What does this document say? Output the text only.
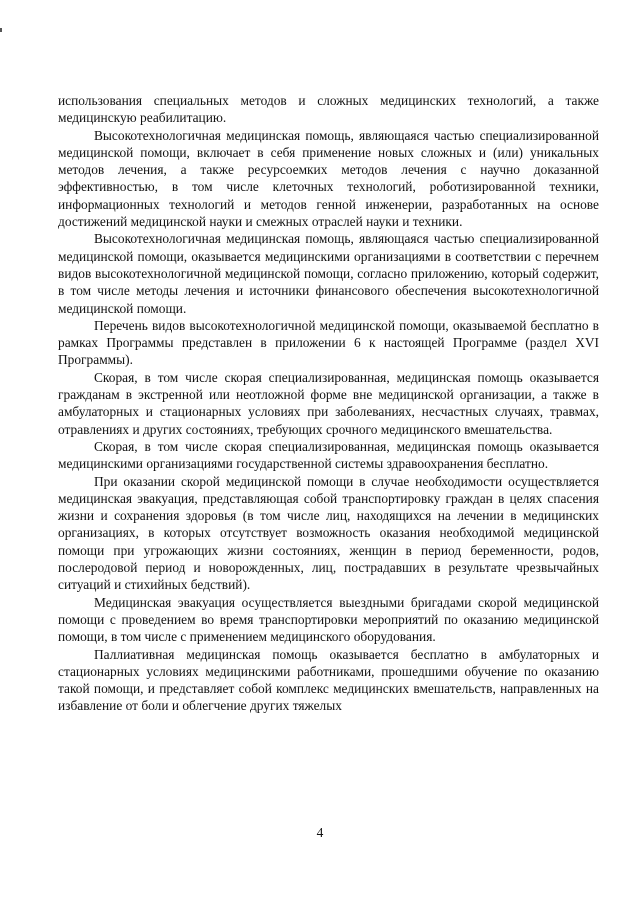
использования специальных методов и сложных медицинских технологий, а также медицинскую реабилитацию.

Высокотехнологичная медицинская помощь, являющаяся частью специализированной медицинской помощи, включает в себя применение новых сложных и (или) уникальных методов лечения, а также ресурсоемких методов лечения с научно доказанной эффективностью, в том числе клеточных технологий, роботизированной техники, информационных технологий и методов генной инженерии, разработанных на основе достижений медицинской науки и смежных отраслей науки и техники.

Высокотехнологичная медицинская помощь, являющаяся частью специализированной медицинской помощи, оказывается медицинскими организациями в соответствии с перечнем видов высокотехнологичной медицинской помощи, согласно приложению, который содержит, в том числе методы лечения и источники финансового обеспечения высокотехнологичной медицинской помощи.

Перечень видов высокотехнологичной медицинской помощи, оказываемой бесплатно в рамках Программы представлен в приложении 6 к настоящей Программе (раздел XVI Программы).

Скорая, в том числе скорая специализированная, медицинская помощь оказывается гражданам в экстренной или неотложной форме вне медицинской организации, а также в амбулаторных и стационарных условиях при заболеваниях, несчастных случаях, травмах, отравлениях и других состояниях, требующих срочного медицинского вмешательства.

Скорая, в том числе скорая специализированная, медицинская помощь оказывается медицинскими организациями государственной системы здравоохранения бесплатно.

При оказании скорой медицинской помощи в случае необходимости осуществляется медицинская эвакуация, представляющая собой транспортировку граждан в целях спасения жизни и сохранения здоровья (в том числе лиц, находящихся на лечении в медицинских организациях, в которых отсутствует возможность оказания необходимой медицинской помощи при угрожающих жизни состояниях, женщин в период беременности, родов, послеродовой период и новорожденных, лиц, пострадавших в результате чрезвычайных ситуаций и стихийных бедствий).

Медицинская эвакуация осуществляется выездными бригадами скорой медицинской помощи с проведением во время транспортировки мероприятий по оказанию медицинской помощи, в том числе с применением медицинского оборудования.

Паллиативная медицинская помощь оказывается бесплатно в амбулаторных и стационарных условиях медицинскими работниками, прошедшими обучение по оказанию такой помощи, и представляет собой комплекс медицинских вмешательств, направленных на избавление от боли и облегчение других тяжелых

4
